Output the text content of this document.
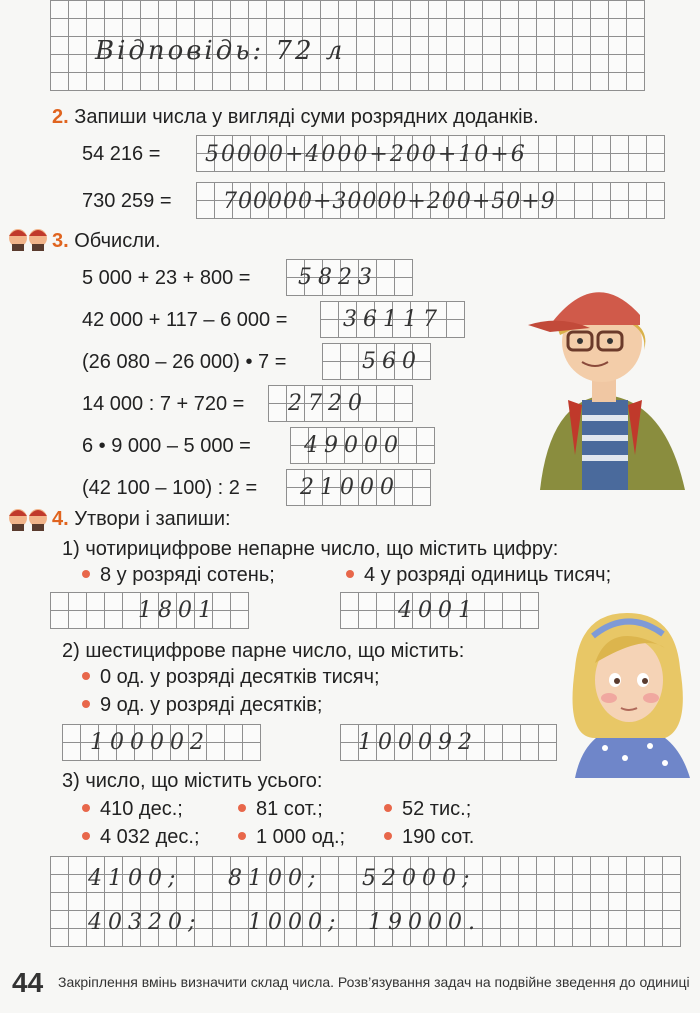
Відповідь: 72 л
2. Запиши числа у вигляді суми розрядних доданків.
54 216 = 50000+4000+200+10+6
730 259 = 700000+30000+200+50+9
3. Обчисли.
5 000 + 23 + 800 = 5823
42 000 + 117 – 6 000 =	36117
(26 080 – 26 000) • 7 =	560
14 000 : 7 + 720 = 2720
6 • 9 000 – 5 000 = 49000
(42 100 – 100) : 2 = 21000
4. Утвори і запиши:
1) чотирицифрове непарне число, що містить цифру:
8 у розряді сотень;	4 у розряді одиниць тисяч;
1801	4001
2) шестицифрове парне число, що містить:
0 од. у розряді десятків тисяч;
9 од. у розряді десятків;
100002	100092
3) число, що містить усього:
410 дес.;	81 сот.;	52 тис.;
4 032 дес.;	1 000 од.;	190 сот.
4100; 8100; 52000;
40320; 1000; 19000.
44 Закріплення вмінь визначити склад числа. Розв’язування задач на подвійне зведення до одиниці
